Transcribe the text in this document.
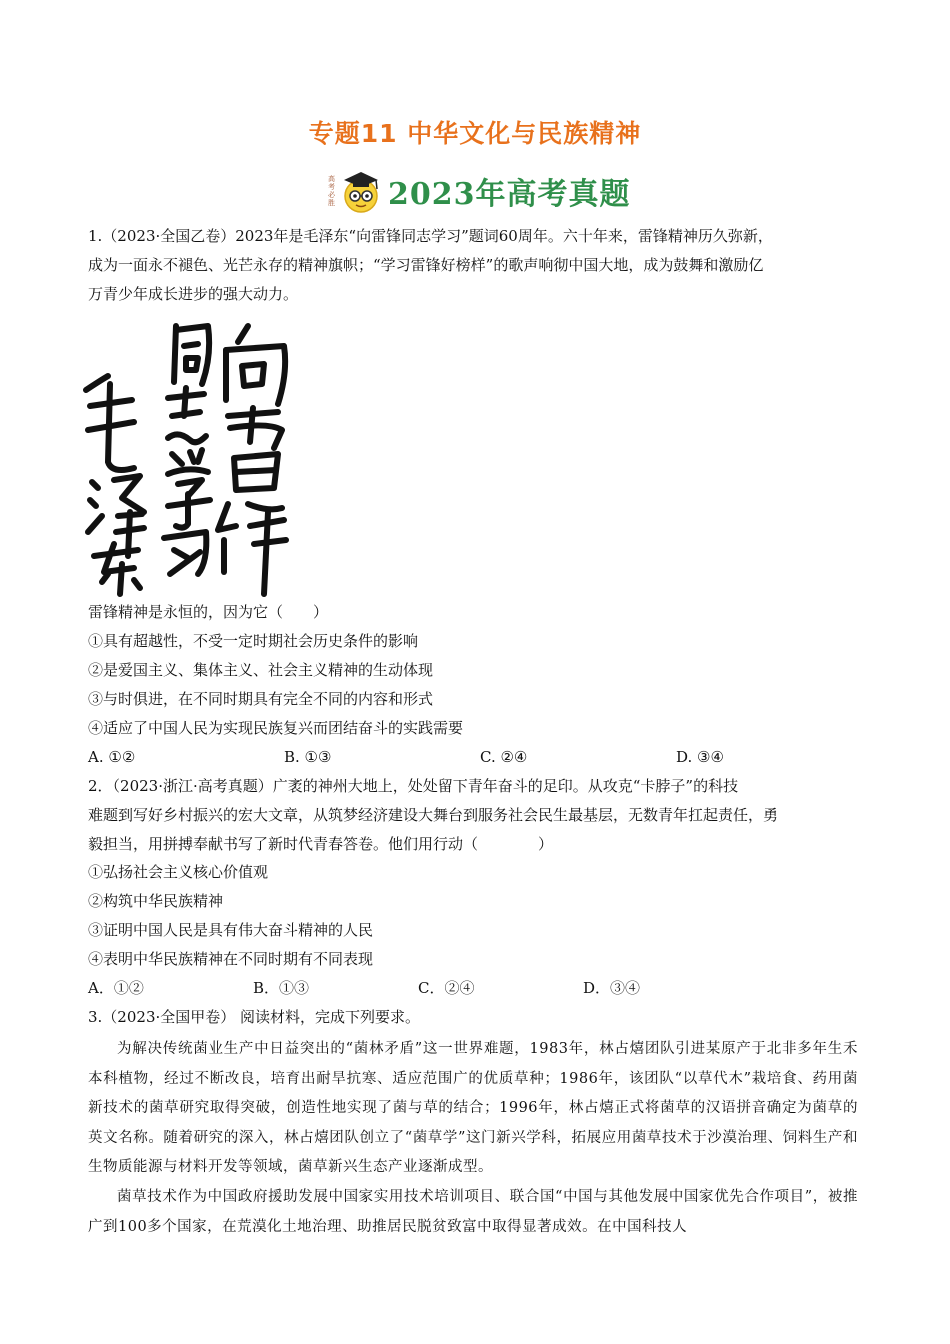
专题11 中华文化与民族精神
高
考
必
胜 2023年高考真题
1.（2023·全国乙卷）2023年是毛泽东“向雷锋同志学习”题词60周年。六十年来，雷锋精神历久弥新，
成为一面永不褪色、光芒永存的精神旗帜；“学习雷锋好榜样”的歌声响彻中国大地，成为鼓舞和激励亿
万青少年成长进步的强大动力。
雷锋精神是永恒的，因为它（　　）
①具有超越性，不受一定时期社会历史条件的影响
②是爱国主义、集体主义、社会主义精神的生动体现
③与时俱进，在不同时期具有完全不同的内容和形式
④适应了中国人民为实现民族复兴而团结奋斗的实践需要
A. ①②	B. ①③	C. ②④	D. ③④
2．（2023·浙江·高考真题）广袤的神州大地上，处处留下青年奋斗的足印。从攻克“卡脖子”的科技
难题到写好乡村振兴的宏大文章，从筑梦经济建设大舞台到服务社会民生最基层，无数青年扛起责任，勇
毅担当，用拼搏奉献书写了新时代青春答卷。他们用行动（　　　　）
①弘扬社会主义核心价值观
②构筑中华民族精神
③证明中国人民是具有伟大奋斗精神的人民
④表明中华民族精神在不同时期有不同表现
A．①②	B．①③	C．②④	D．③④
3.（2023·全国甲卷） 阅读材料，完成下列要求。
为解决传统菌业生产中日益突出的“菌林矛盾”这一世界难题，1983年，林占熺团队引进某原产于北非多年生禾本科植物，经过不断改良，培育出耐旱抗寒、适应范围广的优质草种；1986年，该团队“以草代木”栽培食、药用菌新技术的菌草研究取得突破，创造性地实现了菌与草的结合；1996年，林占熺正式将菌草的汉语拼音确定为菌草的英文名称。随着研究的深入，林占熺团队创立了“菌草学”这门新兴学科，拓展应用菌草技术于沙漠治理、饲料生产和生物质能源与材料开发等领域，菌草新兴生态产业逐渐成型。
菌草技术作为中国政府援助发展中国家实用技术培训项目、联合国“中国与其他发展中国家优先合作项目”，被推广到100多个国家，在荒漠化土地治理、助推居民脱贫致富中取得显著成效。在中国科技人
